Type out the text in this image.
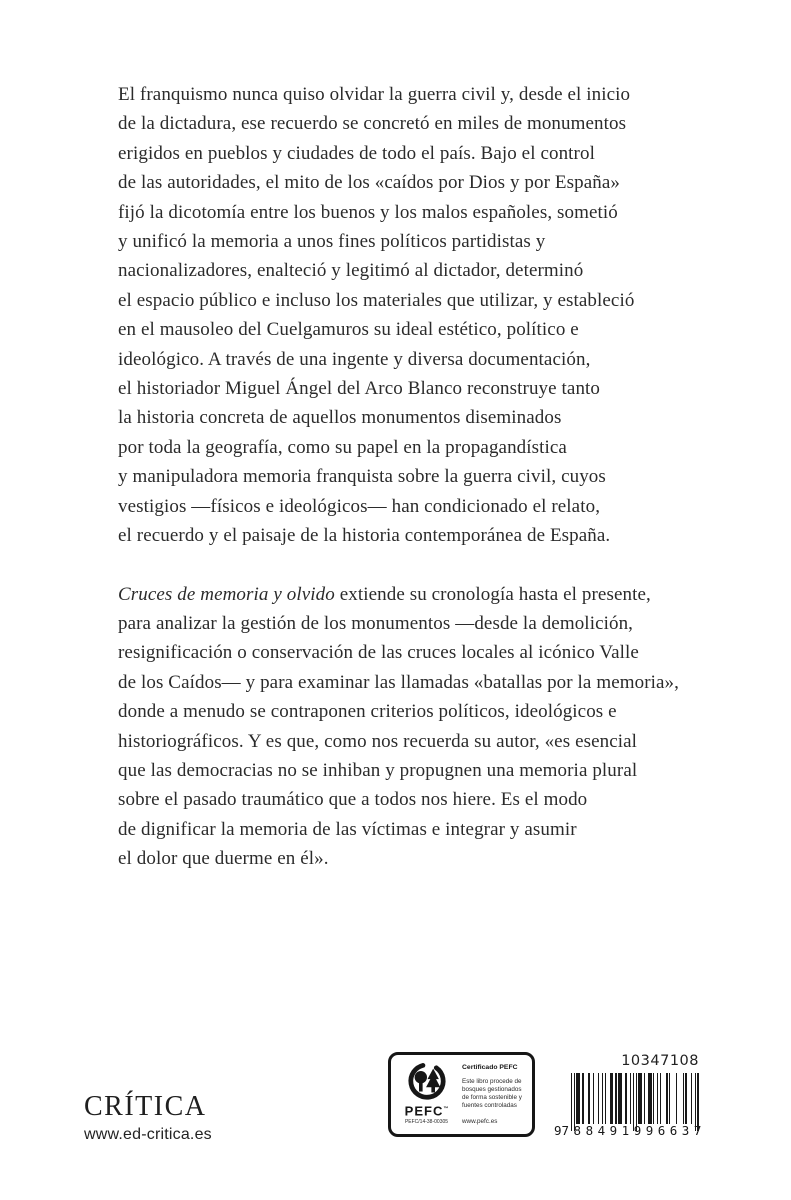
El franquismo nunca quiso olvidar la guerra civil y, desde el inicio
de la dictadura, ese recuerdo se concretó en miles de monumentos
erigidos en pueblos y ciudades de todo el país. Bajo el control
de las autoridades, el mito de los «caídos por Dios y por España»
fijó la dicotomía entre los buenos y los malos españoles, sometió
y unificó la memoria a unos fines políticos partidistas y
nacionalizadores, enalteció y legitimó al dictador, determinó
el espacio público e incluso los materiales que utilizar, y estableció
en el mausoleo del Cuelgamuros su ideal estético, político e
ideológico. A través de una ingente y diversa documentación,
el historiador Miguel Ángel del Arco Blanco reconstruye tanto
la historia concreta de aquellos monumentos diseminados
por toda la geografía, como su papel en la propagandística
y manipuladora memoria franquista sobre la guerra civil, cuyos
vestigios —físicos e ideológicos— han condicionado el relato,
el recuerdo y el paisaje de la historia contemporánea de España.
Cruces de memoria y olvido extiende su cronología hasta el presente,
para analizar la gestión de los monumentos —desde la demolición,
resignificación o conservación de las cruces locales al icónico Valle
de los Caídos— y para examinar las llamadas «batallas por la memoria»,
donde a menudo se contraponen criterios políticos, ideológicos e
historiográficos. Y es que, como nos recuerda su autor, «es esencial
que las democracias no se inhiban y propugnen una memoria plural
sobre el pasado traumático que a todos nos hiere. Es el modo
de dignificar la memoria de las víctimas e integrar y asumir
el dolor que duerme en él».
CRÍTICA
www.ed-critica.es
PEFC™
PEFC/14-38-00305
Certificado PEFC
Este libro procede de bosques gestionados de forma sostenible y fuentes controladas
www.pefc.es
10347108
9 788491 996637
